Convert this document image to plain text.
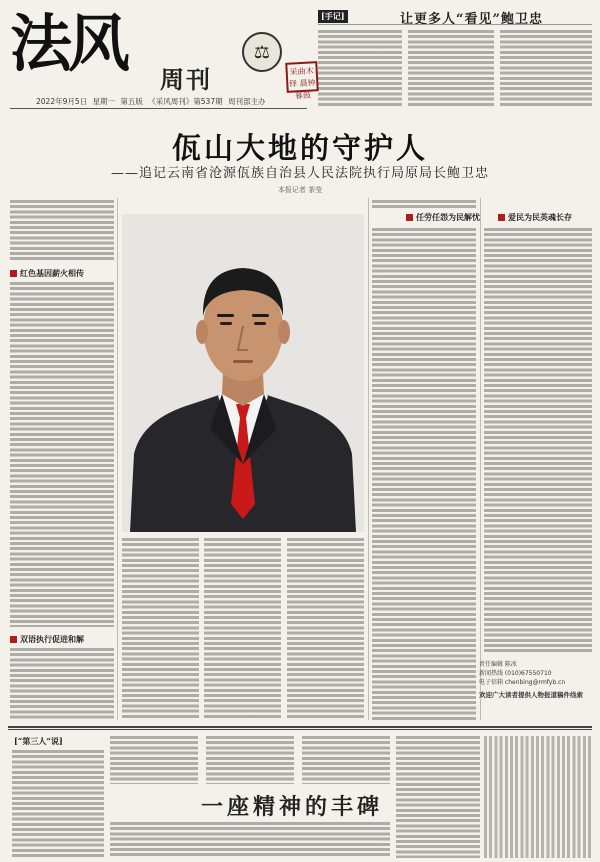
法风 周刊
⚖
采曲木铎 晨钟暮鼓
2022年9月5日 星期一 第五版 《采风周刊》第537期 周刊部主办
[手记]	让更多人“看见”鲍卫忠
佤山大地的守护人
——追记云南省沧源佤族自治县人民法院执行局原局长鲍卫忠
本报记者 茶莹
红色基因薪火相传
双语执行促进和解
任劳任怨为民解忧	爱民为民英魂长存
责任编辑 陈冰
新闻热线 (010)67550710
电子信箱 chenbing@rmfyb.cn
欢迎广大读者提供人物报道稿件线索
[“第三人”说]
一座精神的丰碑
